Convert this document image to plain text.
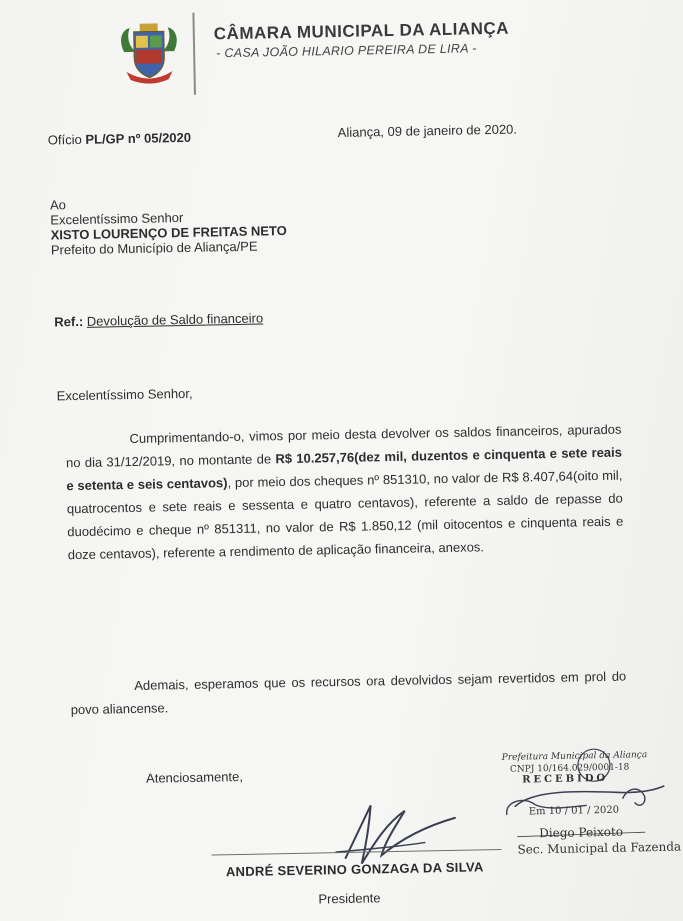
CÂMARA MUNICIPAL DA ALIANÇA
- CASA JOÃO HILARIO PEREIRA DE LIRA -
Ofício PL/GP nº 05/2020	Aliança, 09 de janeiro de 2020.
Ao
Excelentíssimo Senhor
XISTO LOURENÇO DE FREITAS NETO
Prefeito do Município de Aliança/PE
Ref.: Devolução de Saldo financeiro
Excelentíssimo Senhor,
Cumprimentando-o, vimos por meio desta devolver os saldos financeiros, apurados no dia 31/12/2019, no montante de R$ 10.257,76(dez mil, duzentos e cinquenta e sete reais e setenta e seis centavos), por meio dos cheques nº 851310, no valor de R$ 8.407,64(oito mil, quatrocentos e sete reais e sessenta e quatro centavos), referente a saldo de repasse do duodécimo e cheque nº 851311, no valor de R$ 1.850,12 (mil oitocentos e cinquenta reais e doze centavos), referente a rendimento de aplicação financeira, anexos.
Ademais, esperamos que os recursos ora devolvidos sejam revertidos em prol do povo aliancense.
Atenciosamente,
ANDRÉ SEVERINO GONZAGA DA SILVA
Presidente
Prefeitura Municipal da Aliança
CNPJ 10/164.029/0001-18
RECEBIDO
Em 10 / 01 / 2020
Diego Peixoto
Sec. Municipal da Fazenda
